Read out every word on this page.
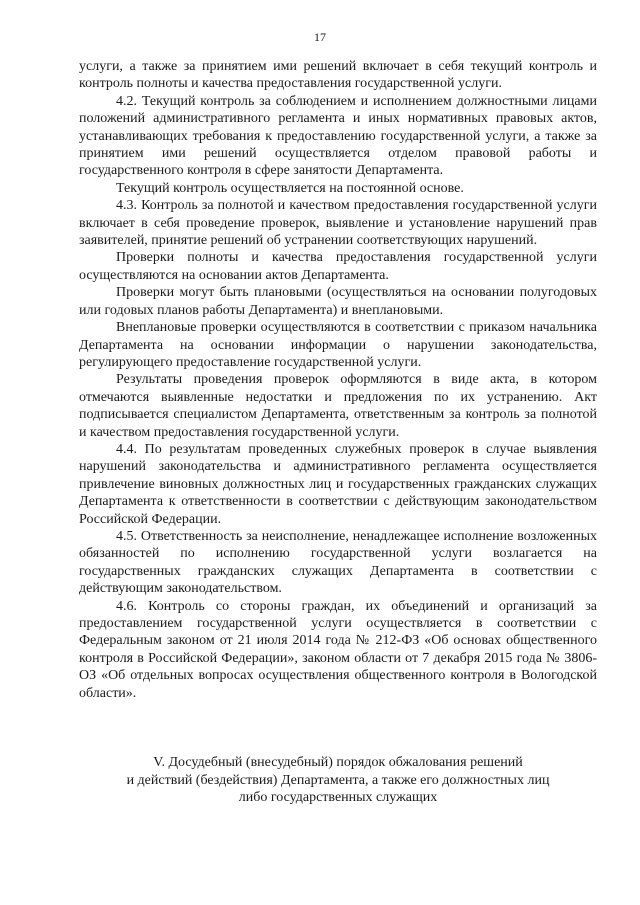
17

услуги, а также за принятием ими решений включает в себя текущий контроль и контроль полноты и качества предоставления государственной услуги.

4.2. Текущий контроль за соблюдением и исполнением должностными лицами положений административного регламента и иных нормативных правовых актов, устанавливающих требования к предоставлению государственной услуги, а также за принятием ими решений осуществляется отделом правовой работы и государственного контроля в сфере занятости Департамента.

Текущий контроль осуществляется на постоянной основе.

4.3. Контроль за полнотой и качеством предоставления государственной услуги включает в себя проведение проверок, выявление и установление нарушений прав заявителей, принятие решений об устранении соответствующих нарушений.

Проверки полноты и качества предоставления государственной услуги осуществляются на основании актов Департамента.

Проверки могут быть плановыми (осуществляться на основании полугодовых или годовых планов работы Департамента) и внеплановыми.

Внеплановые проверки осуществляются в соответствии с приказом начальника Департамента на основании информации о нарушении законодательства, регулирующего предоставление государственной услуги.

Результаты проведения проверок оформляются в виде акта, в котором отмечаются выявленные недостатки и предложения по их устранению. Акт подписывается специалистом Департамента, ответственным за контроль за полнотой и качеством предоставления государственной услуги.

4.4. По результатам проведенных служебных проверок в случае выявления нарушений законодательства и административного регламента осуществляется привлечение виновных должностных лиц и государственных гражданских служащих Департамента к ответственности в соответствии с действующим законодательством Российской Федерации.

4.5. Ответственность за неисполнение, ненадлежащее исполнение возложенных обязанностей по исполнению государственной услуги возлагается на государственных гражданских служащих Департамента в соответствии с действующим законодательством.

4.6. Контроль со стороны граждан, их объединений и организаций за предоставлением государственной услуги осуществляется в соответствии с Федеральным законом от 21 июля 2014 года № 212-ФЗ «Об основах общественного контроля в Российской Федерации», законом области от 7 декабря 2015 года № 3806-ОЗ «Об отдельных вопросах осуществления общественного контроля в Вологодской области».

V. Досудебный (внесудебный) порядок обжалования решений
и действий (бездействия) Департамента, а также его должностных лиц
либо государственных служащих
